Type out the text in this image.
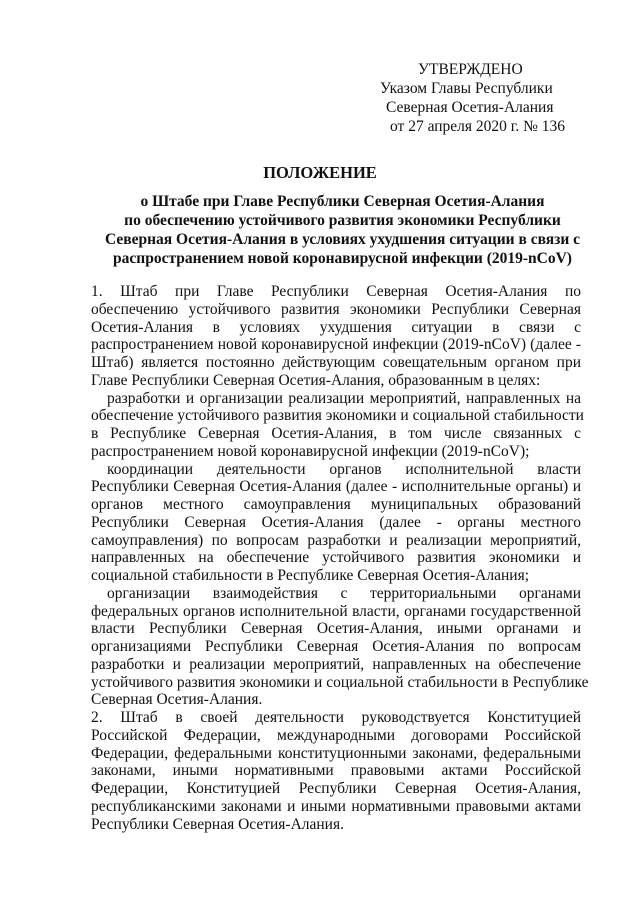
УТВЕРЖДЕНО
Указом Главы Республики
Северная Осетия-Алания
от 27 апреля 2020 г. № 136
ПОЛОЖЕНИЕ
о Штабе при Главе Республики Северная Осетия-Алания
по обеспечению устойчивого развития экономики Республики
Северная Осетия-Алания в условиях ухудшения ситуации в связи с
распространением новой коронавирусной инфекции (2019-nCoV)
1. Штаб при Главе Республики Северная Осетия-Алания по
обеспечению устойчивого развития экономики Республики Северная
Осетия-Алания в условиях ухудшения ситуации в связи с
распространением новой коронавирусной инфекции (2019-nCoV) (далее -
Штаб) является постоянно действующим совещательным органом при
Главе Республики Северная Осетия-Алания, образованным в целях:
разработки и организации реализации мероприятий, направленных на
обеспечение устойчивого развития экономики и социальной стабильности
в Республике Северная Осетия-Алания, в том числе связанных с
распространением новой коронавирусной инфекции (2019-nCoV);
координации деятельности органов исполнительной власти
Республики Северная Осетия-Алания (далее - исполнительные органы) и
органов местного самоуправления муниципальных образований
Республики Северная Осетия-Алания (далее - органы местного
самоуправления) по вопросам разработки и реализации мероприятий,
направленных на обеспечение устойчивого развития экономики и
социальной стабильности в Республике Северная Осетия-Алания;
организации взаимодействия с территориальными органами
федеральных органов исполнительной власти, органами государственной
власти Республики Северная Осетия-Алания, иными органами и
организациями Республики Северная Осетия-Алания по вопросам
разработки и реализации мероприятий, направленных на обеспечение
устойчивого развития экономики и социальной стабильности в Республике
Северная Осетия-Алания.
2. Штаб в своей деятельности руководствуется Конституцией
Российской Федерации, международными договорами Российской
Федерации, федеральными конституционными законами, федеральными
законами, иными нормативными правовыми актами Российской
Федерации, Конституцией Республики Северная Осетия-Алания,
республиканскими законами и иными нормативными правовыми актами
Республики Северная Осетия-Алания.
